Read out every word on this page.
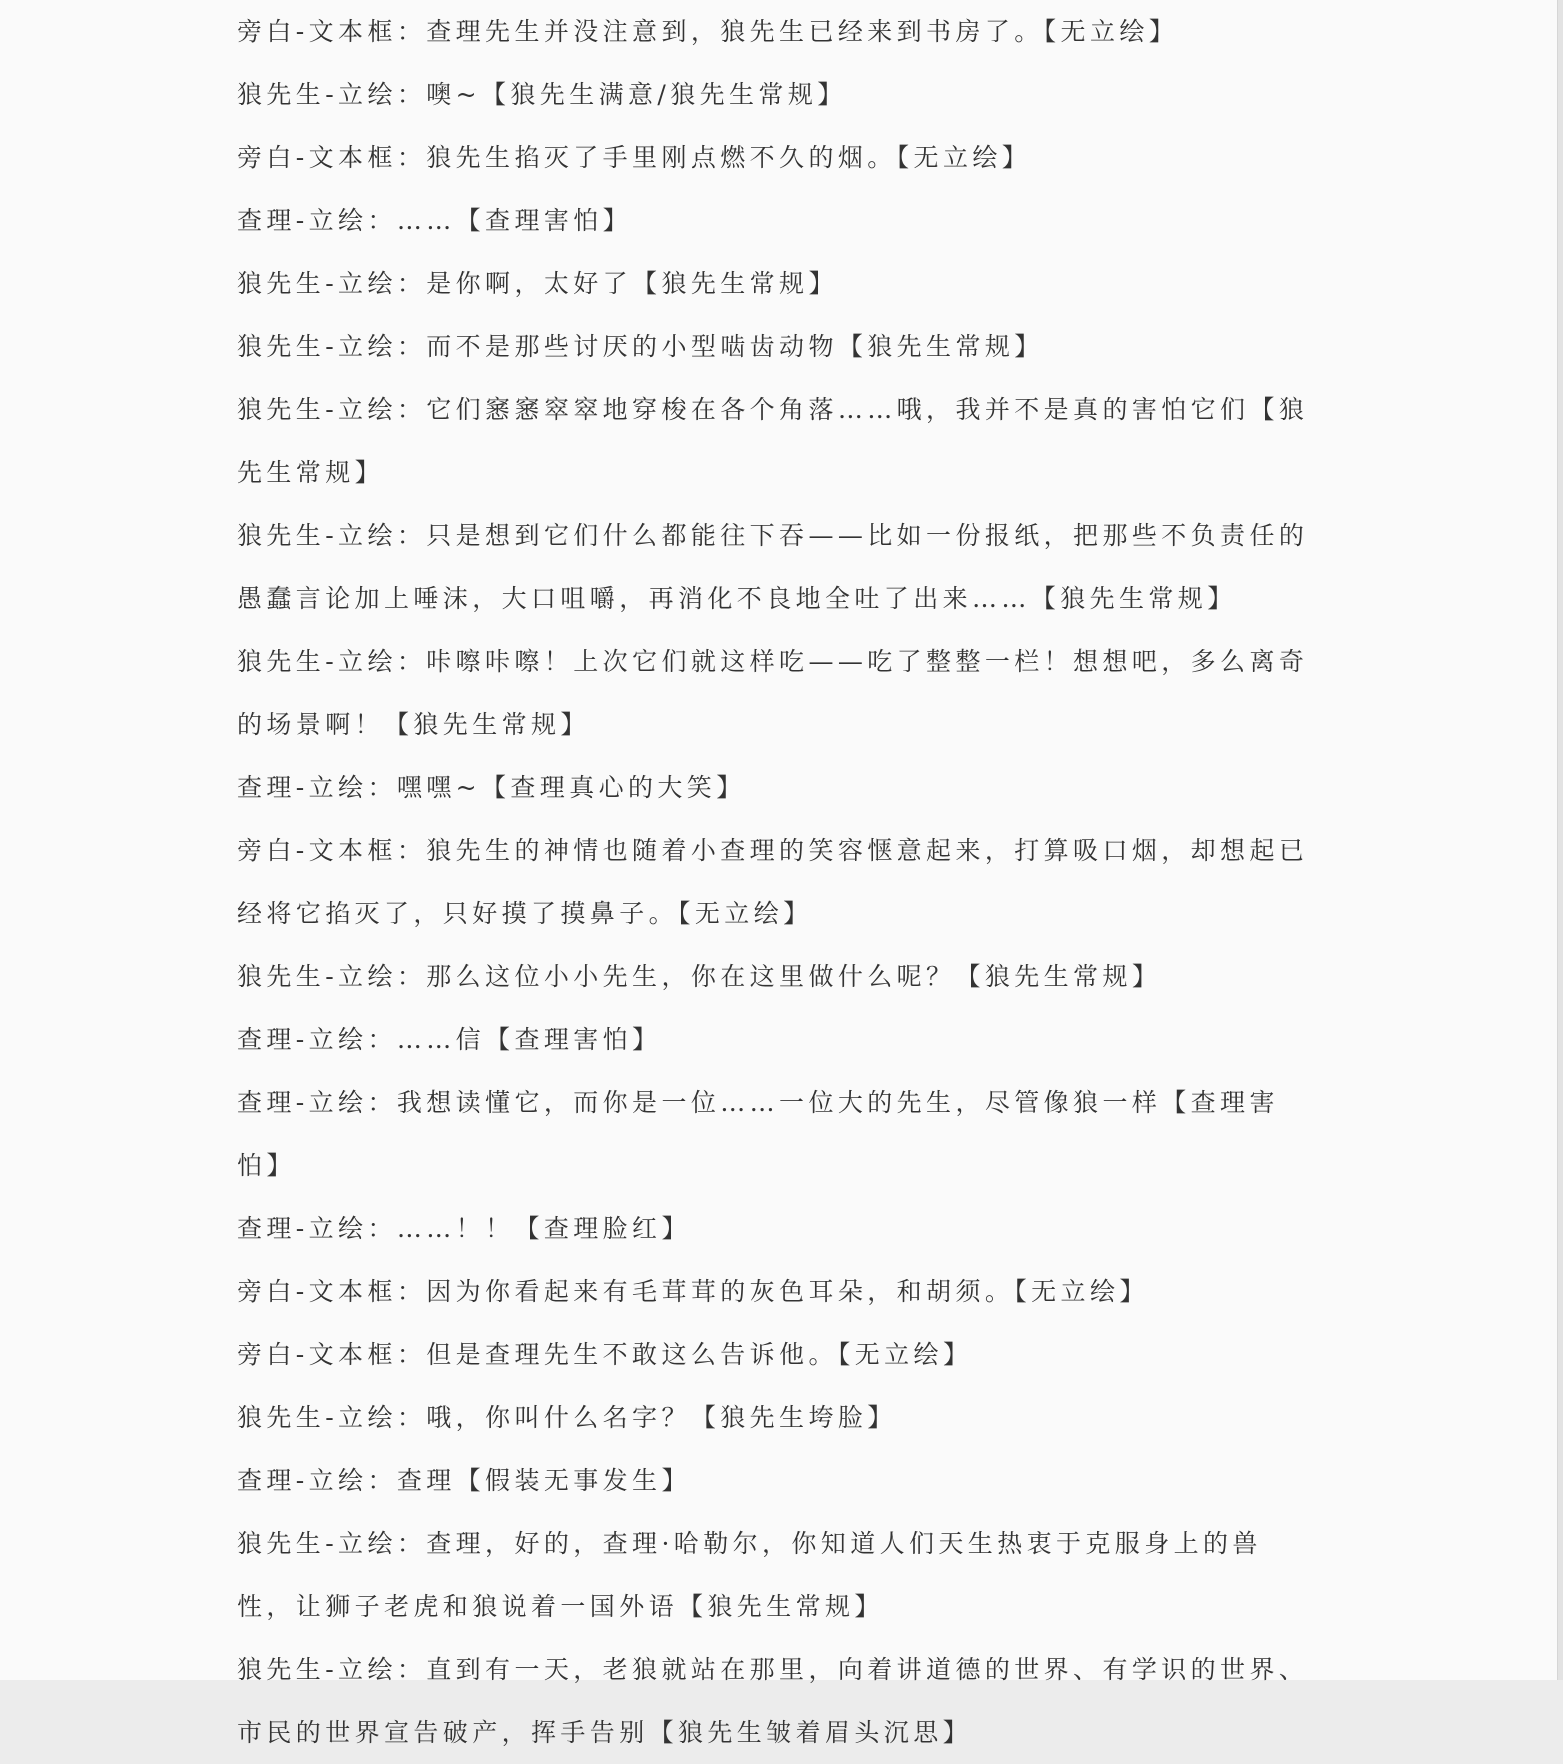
旁白-文本框：查理先生并没注意到，狼先生已经来到书房了。【无立绘】

狼先生-立绘：噢~【狼先生满意/狼先生常规】

旁白-文本框：狼先生掐灭了手里刚点燃不久的烟。【无立绘】

查理-立绘：……【查理害怕】

狼先生-立绘：是你啊，太好了【狼先生常规】

狼先生-立绘：而不是那些讨厌的小型啮齿动物【狼先生常规】

狼先生-立绘：它们窸窸窣窣地穿梭在各个角落……哦，我并不是真的害怕它们【狼先生常规】

狼先生-立绘：只是想到它们什么都能往下吞——比如一份报纸，把那些不负责任的愚蠢言论加上唾沫，大口咀嚼，再消化不良地全吐了出来……【狼先生常规】

狼先生-立绘：咔嚓咔嚓！上次它们就这样吃——吃了整整一栏！想想吧，多么离奇的场景啊！【狼先生常规】

查理-立绘：嘿嘿~【查理真心的大笑】

旁白-文本框：狼先生的神情也随着小查理的笑容惬意起来，打算吸口烟，却想起已经将它掐灭了，只好摸了摸鼻子。【无立绘】

狼先生-立绘：那么这位小小先生，你在这里做什么呢？【狼先生常规】

查理-立绘：……信【查理害怕】

查理-立绘：我想读懂它，而你是一位……一位大的先生，尽管像狼一样【查理害怕】

查理-立绘：……！！【查理脸红】

旁白-文本框：因为你看起来有毛茸茸的灰色耳朵，和胡须。【无立绘】

旁白-文本框：但是查理先生不敢这么告诉他。【无立绘】

狼先生-立绘：哦，你叫什么名字？【狼先生垮脸】

查理-立绘：查理【假装无事发生】

狼先生-立绘：查理，好的，查理·哈勒尔，你知道人们天生热衷于克服身上的兽性，让狮子老虎和狼说着一国外语【狼先生常规】

狼先生-立绘：直到有一天，老狼就站在那里，向着讲道德的世界、有学识的世界、市民的世界宣告破产，挥手告别【狼先生皱着眉头沉思】
